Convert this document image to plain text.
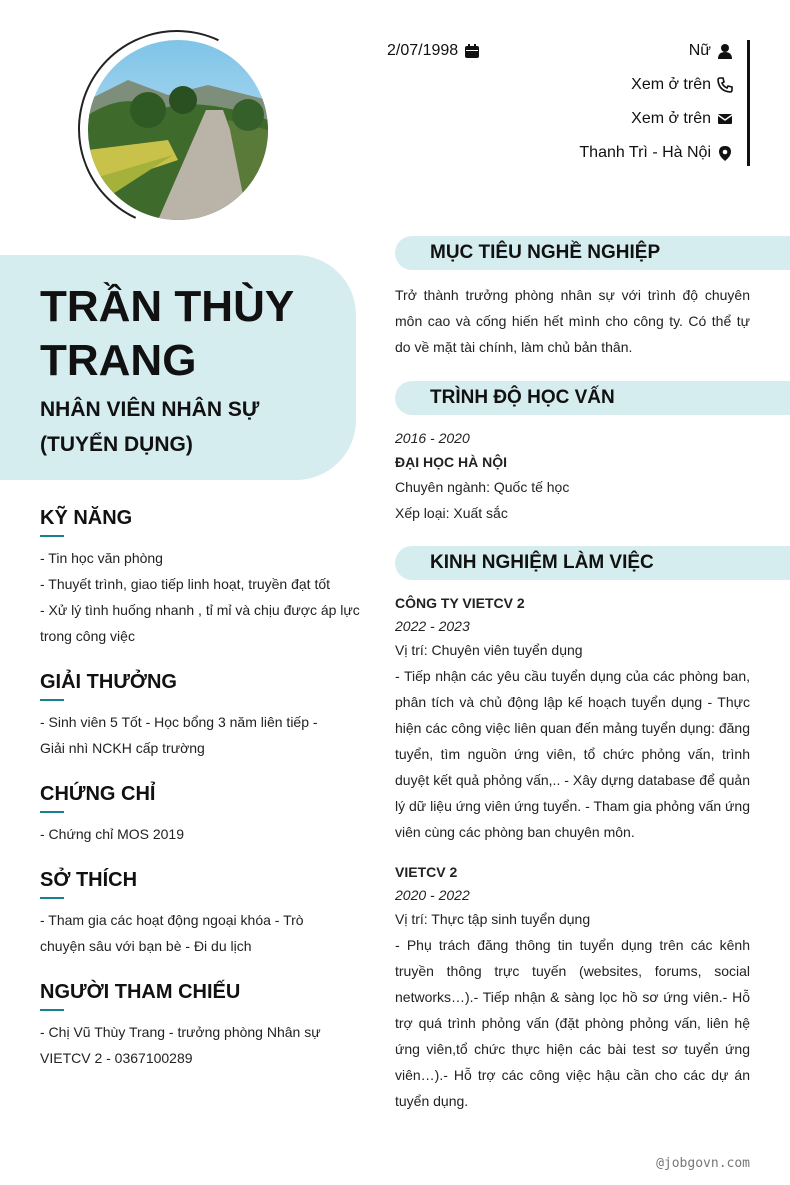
2/07/1998	Nữ
Xem ở trên
Xem ở trên
Thanh Trì - Hà Nội
TRẦN THÙY
TRANG
NHÂN VIÊN NHÂN SỰ
(TUYỂN DỤNG)
KỸ NĂNG
- Tin học văn phòng
- Thuyết trình, giao tiếp linh hoạt, truyền đạt tốt
- Xử lý tình huống nhanh , tỉ mỉ và chịu được áp lực trong công việc
GIẢI THƯỞNG
- Sinh viên 5 Tốt - Học bổng 3 năm liên tiếp - Giải nhì NCKH cấp trường
CHỨNG CHỈ
- Chứng chỉ MOS 2019
SỞ THÍCH
- Tham gia các hoạt động ngoại khóa - Trò chuyện sâu với bạn bè - Đi du lịch
NGƯỜI THAM CHIẾU
- Chị Vũ Thùy Trang - trưởng phòng Nhân sự VIETCV 2 - 0367100289
MỤC TIÊU NGHỀ NGHIỆP
Trở thành trưởng phòng nhân sự với trình độ chuyên môn cao và cống hiến hết mình cho công ty. Có thể tự do về mặt tài chính, làm chủ bản thân.
TRÌNH ĐỘ HỌC VẤN
2016 - 2020
ĐẠI HỌC HÀ NỘI
Chuyên ngành: Quốc tế học
Xếp loại: Xuất sắc
KINH NGHIỆM LÀM VIỆC
CÔNG TY VIETCV 2
2022 - 2023
Vị trí: Chuyên viên tuyển dụng
- Tiếp nhận các yêu cầu tuyển dụng của các phòng ban, phân tích và chủ động lập kế hoạch tuyển dụng - Thực hiện các công việc liên quan đến mảng tuyển dụng: đăng tuyển, tìm nguồn ứng viên, tổ chức phỏng vấn, trình duyệt kết quả phỏng vấn,.. - Xây dựng database để quản lý dữ liệu ứng viên ứng tuyển. - Tham gia phỏng vấn ứng viên cùng các phòng ban chuyên môn.
VIETCV 2
2020 - 2022
Vị trí: Thực tập sinh tuyển dụng
- Phụ trách đăng thông tin tuyển dụng trên các kênh truyền thông trực tuyến (websites, forums, social networks…).- Tiếp nhận & sàng lọc hồ sơ ứng viên.- Hỗ trợ quá trình phỏng vấn (đặt phòng phỏng vấn, liên hệ ứng viên,tổ chức thực hiện các bài test sơ tuyển ứng viên…).- Hỗ trợ các công việc hậu cần cho các dự án tuyển dụng.
@jobgovn.com
